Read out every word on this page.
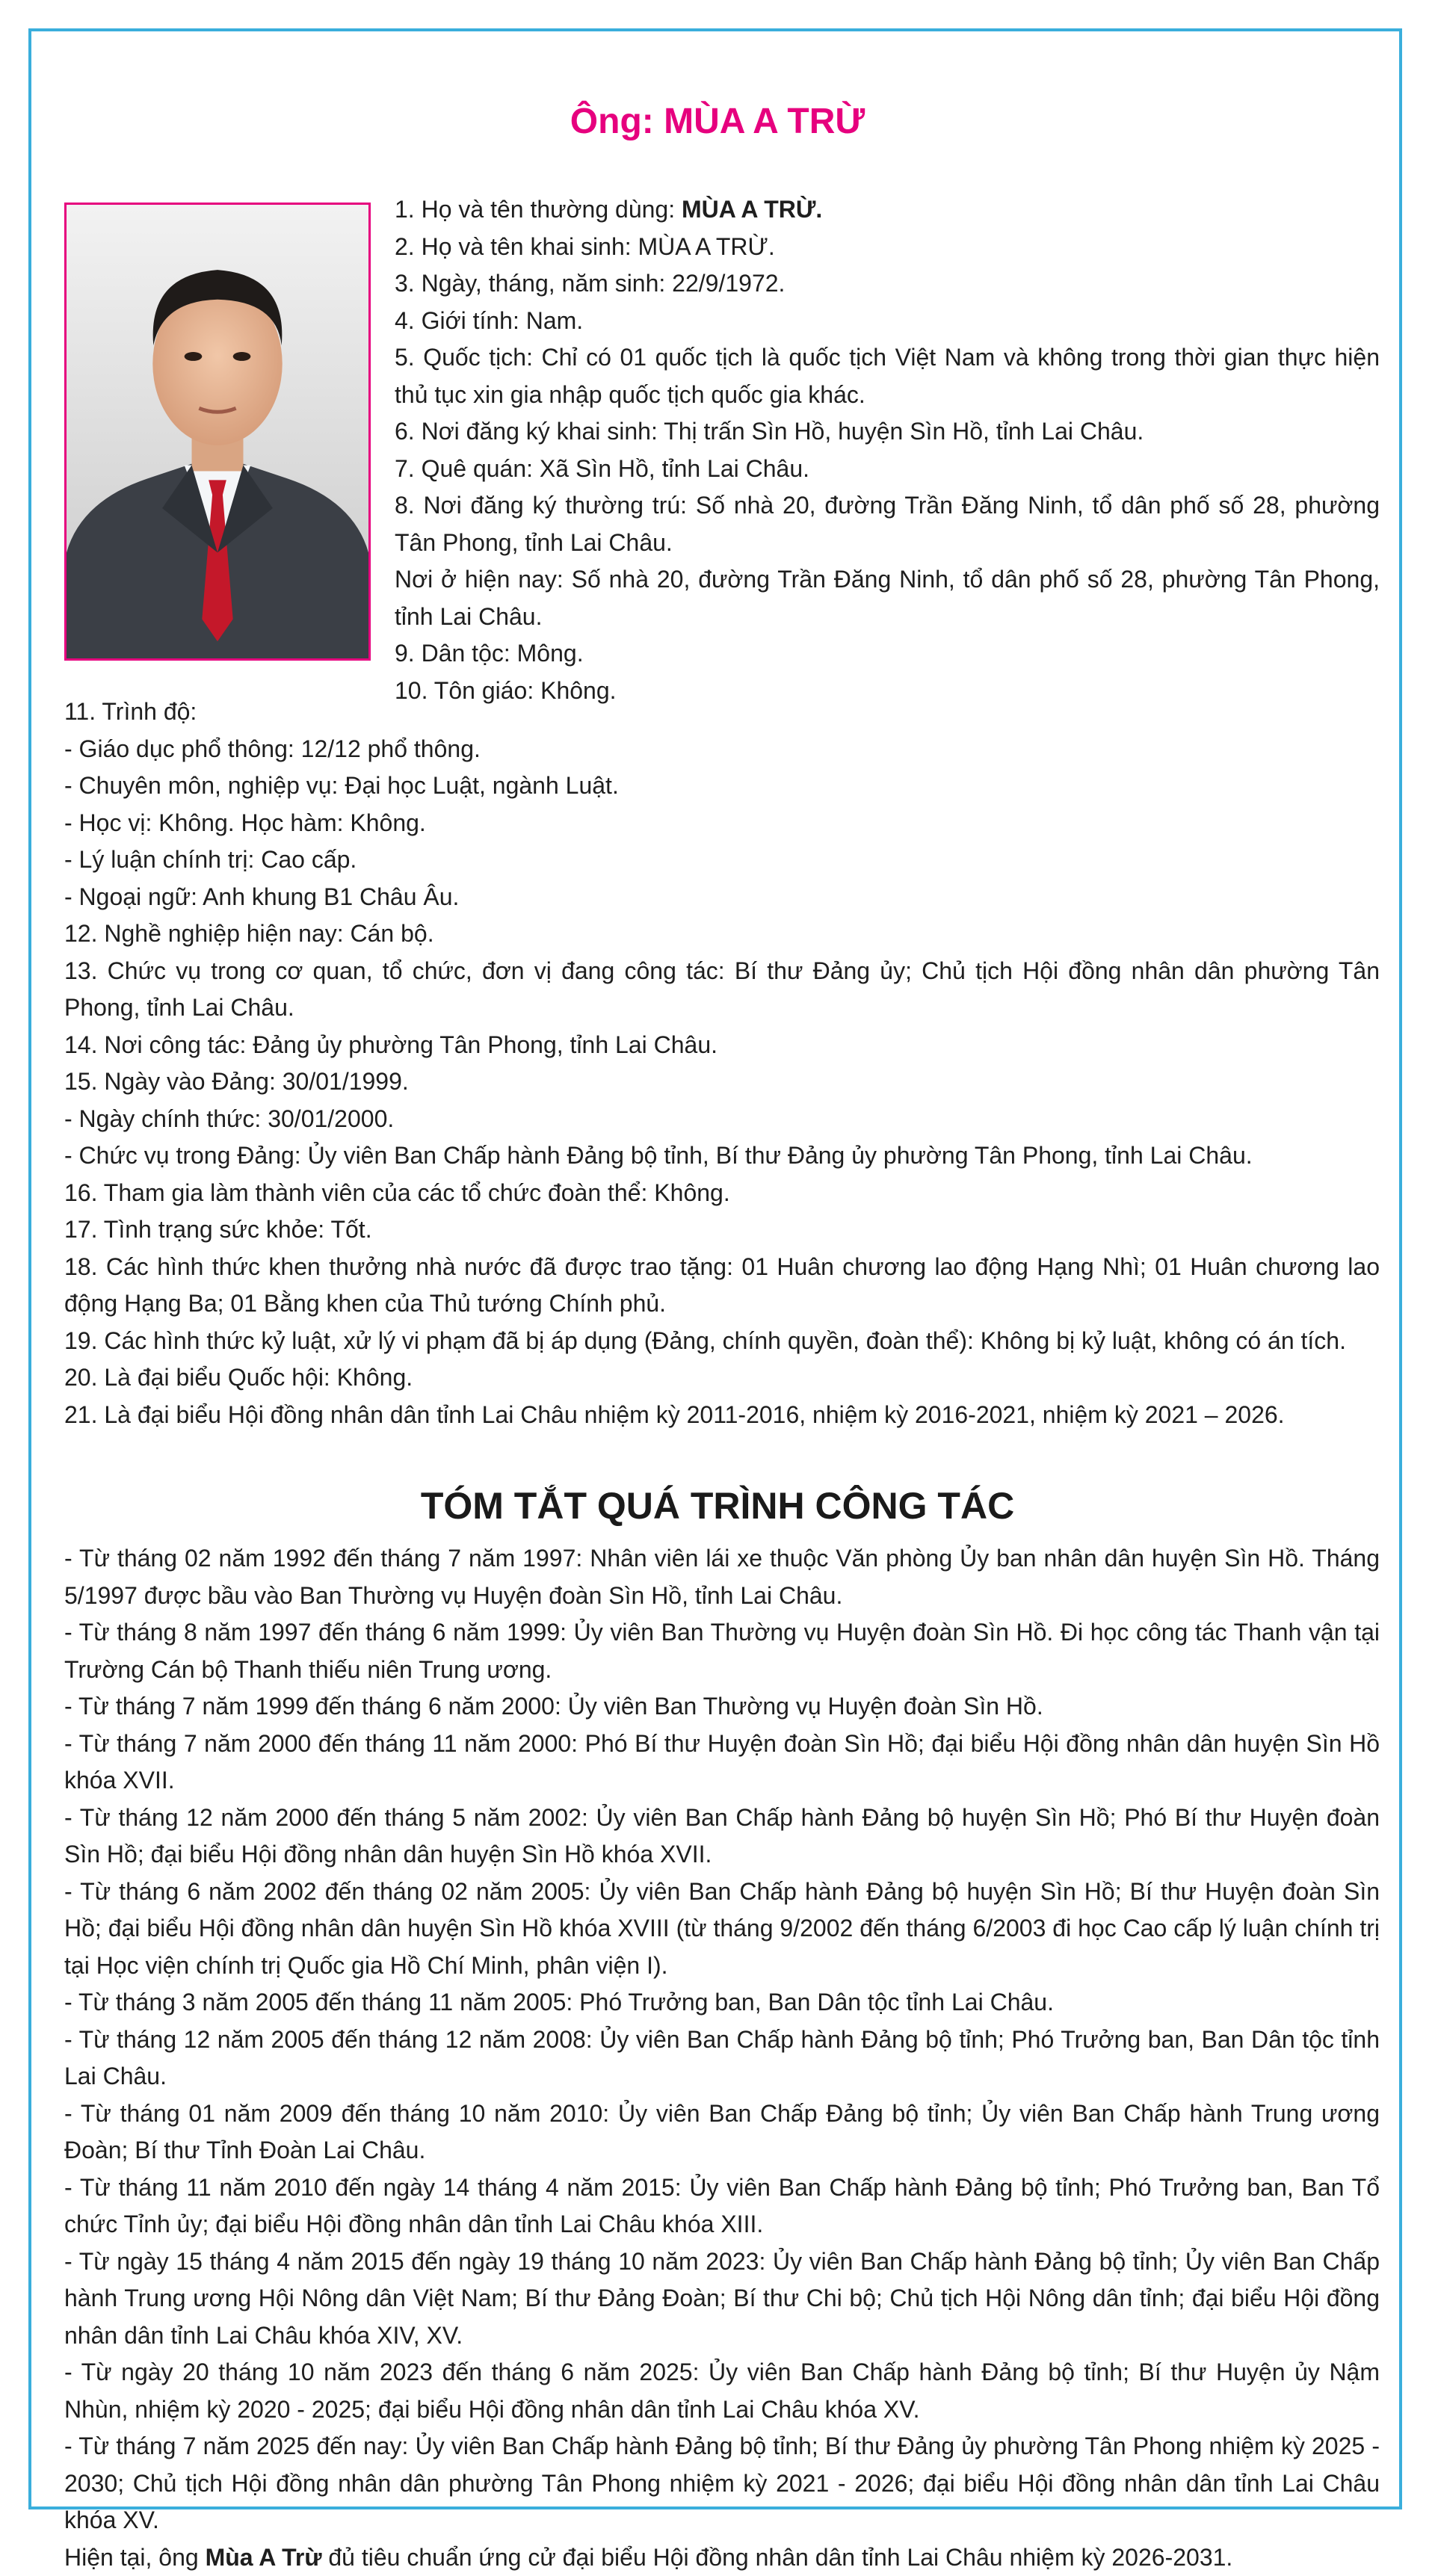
Ông: MÙA A TRỪ

1. Họ và tên thường dùng: MÙA A TRỪ.

2. Họ và tên khai sinh: MÙA A TRỪ.

3. Ngày, tháng, năm sinh: 22/9/1972.

4. Giới tính: Nam.

5. Quốc tịch: Chỉ có 01 quốc tịch là quốc tịch Việt Nam và không trong thời gian thực hiện thủ tục xin gia nhập quốc tịch quốc gia khác.

6. Nơi đăng ký khai sinh: Thị trấn Sìn Hồ, huyện Sìn Hồ, tỉnh Lai Châu.

7. Quê quán: Xã Sìn Hồ, tỉnh Lai Châu.

8. Nơi đăng ký thường trú: Số nhà 20, đường Trần Đăng Ninh, tổ dân phố số 28, phường Tân Phong, tỉnh Lai Châu.

Nơi ở hiện nay: Số nhà 20, đường Trần Đăng Ninh, tổ dân phố số 28, phường Tân Phong, tỉnh Lai Châu.

9. Dân tộc: Mông.

10. Tôn giáo: Không.

11. Trình độ:

- Giáo dục phổ thông: 12/12 phổ thông.

- Chuyên môn, nghiệp vụ: Đại học Luật, ngành Luật.

- Học vị: Không. Học hàm: Không.

- Lý luận chính trị: Cao cấp.

- Ngoại ngữ: Anh khung B1 Châu Âu.

12. Nghề nghiệp hiện nay: Cán bộ.

13. Chức vụ trong cơ quan, tổ chức, đơn vị đang công tác: Bí thư Đảng ủy; Chủ tịch Hội đồng nhân dân phường Tân Phong, tỉnh Lai Châu.

14. Nơi công tác: Đảng ủy phường Tân Phong, tỉnh Lai Châu.

15. Ngày vào Đảng: 30/01/1999.

- Ngày chính thức: 30/01/2000.

- Chức vụ trong Đảng: Ủy viên Ban Chấp hành Đảng bộ tỉnh, Bí thư Đảng ủy phường Tân Phong, tỉnh Lai Châu.

16. Tham gia làm thành viên của các tổ chức đoàn thể: Không.

17. Tình trạng sức khỏe: Tốt.

18. Các hình thức khen thưởng nhà nước đã được trao tặng: 01 Huân chương lao động Hạng Nhì; 01 Huân chương lao động Hạng Ba; 01 Bằng khen của Thủ tướng Chính phủ.

19. Các hình thức kỷ luật, xử lý vi phạm đã bị áp dụng (Đảng, chính quyền, đoàn thể): Không bị kỷ luật, không có án tích.

20. Là đại biểu Quốc hội: Không.

21. Là đại biểu Hội đồng nhân dân tỉnh Lai Châu nhiệm kỳ 2011-2016, nhiệm kỳ 2016-2021, nhiệm kỳ 2021 – 2026.

TÓM TẮT QUÁ TRÌNH CÔNG TÁC

- Từ tháng 02 năm 1992 đến tháng 7 năm 1997: Nhân viên lái xe thuộc Văn phòng Ủy ban nhân dân huyện Sìn Hồ. Tháng 5/1997 được bầu vào Ban Thường vụ Huyện đoàn Sìn Hồ, tỉnh Lai Châu.

- Từ tháng 8 năm 1997 đến tháng 6 năm 1999: Ủy viên Ban Thường vụ Huyện đoàn Sìn Hồ. Đi học công tác Thanh vận tại Trường Cán bộ Thanh thiếu niên Trung ương.

- Từ tháng 7 năm 1999 đến tháng 6 năm 2000: Ủy viên Ban Thường vụ Huyện đoàn Sìn Hồ.

- Từ tháng 7 năm 2000 đến tháng 11 năm 2000: Phó Bí thư Huyện đoàn Sìn Hồ; đại biểu Hội đồng nhân dân huyện Sìn Hồ khóa XVII.

- Từ tháng 12 năm 2000 đến tháng 5 năm 2002: Ủy viên Ban Chấp hành Đảng bộ huyện Sìn Hồ; Phó Bí thư Huyện đoàn Sìn Hồ; đại biểu Hội đồng nhân dân huyện Sìn Hồ khóa XVII.

- Từ tháng 6 năm 2002 đến tháng 02 năm 2005: Ủy viên Ban Chấp hành Đảng bộ huyện Sìn Hồ; Bí thư Huyện đoàn Sìn Hồ; đại biểu Hội đồng nhân dân huyện Sìn Hồ khóa XVIII (từ tháng 9/2002 đến tháng 6/2003 đi học Cao cấp lý luận chính trị tại Học viện chính trị Quốc gia Hồ Chí Minh, phân viện I).

- Từ tháng 3 năm 2005 đến tháng 11 năm 2005: Phó Trưởng ban, Ban Dân tộc tỉnh Lai Châu.

- Từ tháng 12 năm 2005 đến tháng 12 năm 2008: Ủy viên Ban Chấp hành Đảng bộ tỉnh; Phó Trưởng ban, Ban Dân tộc tỉnh Lai Châu.

- Từ tháng 01 năm 2009 đến tháng 10 năm 2010: Ủy viên Ban Chấp Đảng bộ tỉnh; Ủy viên Ban Chấp hành Trung ương Đoàn; Bí thư Tỉnh Đoàn Lai Châu.

- Từ tháng 11 năm 2010 đến ngày 14 tháng 4 năm 2015: Ủy viên Ban Chấp hành Đảng bộ tỉnh; Phó Trưởng ban, Ban Tổ chức Tỉnh ủy; đại biểu Hội đồng nhân dân tỉnh Lai Châu khóa XIII.

- Từ ngày 15 tháng 4 năm 2015 đến ngày 19 tháng 10 năm 2023: Ủy viên Ban Chấp hành Đảng bộ tỉnh; Ủy viên Ban Chấp hành Trung ương Hội Nông dân Việt Nam; Bí thư Đảng Đoàn; Bí thư Chi bộ; Chủ tịch Hội Nông dân tỉnh; đại biểu Hội đồng nhân dân tỉnh Lai Châu khóa XIV, XV.

- Từ ngày 20 tháng 10 năm 2023 đến tháng 6 năm 2025: Ủy viên Ban Chấp hành Đảng bộ tỉnh; Bí thư Huyện ủy Nậm Nhùn, nhiệm kỳ 2020 - 2025; đại biểu Hội đồng nhân dân tỉnh Lai Châu khóa XV.

- Từ tháng 7 năm 2025 đến nay: Ủy viên Ban Chấp hành Đảng bộ tỉnh; Bí thư Đảng ủy phường Tân Phong nhiệm kỳ 2025 - 2030; Chủ tịch Hội đồng nhân dân phường Tân Phong nhiệm kỳ 2021 - 2026; đại biểu Hội đồng nhân dân tỉnh Lai Châu khóa XV.

Hiện tại, ông Mùa A Trừ đủ tiêu chuẩn ứng cử đại biểu Hội đồng nhân dân tỉnh Lai Châu nhiệm kỳ 2026-2031.
